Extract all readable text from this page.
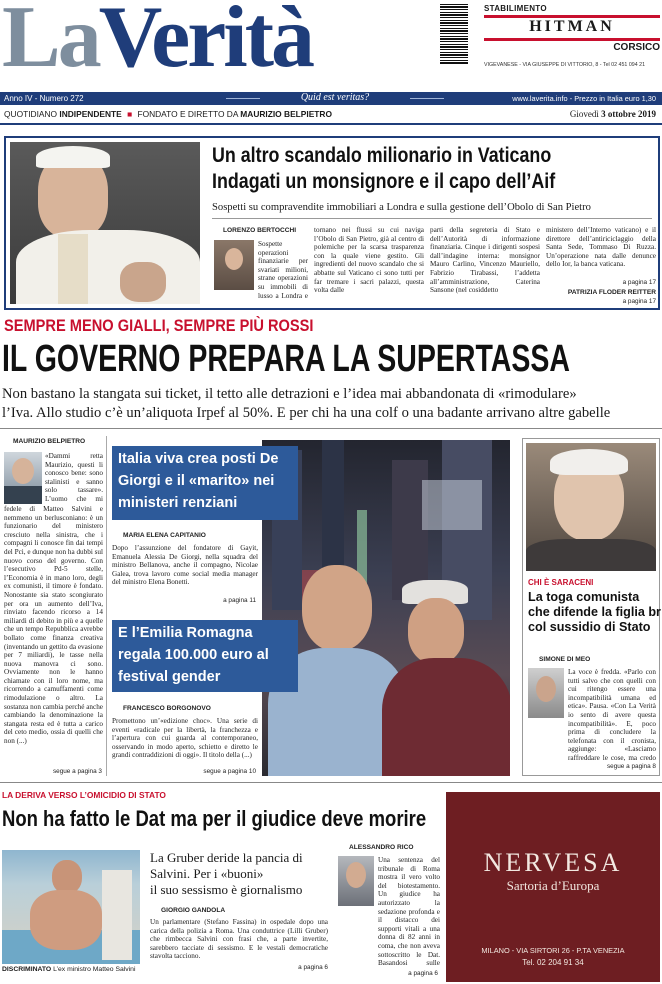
LaVerità	STABILIMENTO
HITMAN
CORSICO
VIGEVANESE - VIA GIUSEPPE DI VITTORIO, 8 - Tel 02 451 094 21
Anno IV - Numero 272	Quid est veritas?	www.laverita.info - Prezzo in Italia euro 1,30
QUOTIDIANO INDIPENDENTE ■ FONDATO E DIRETTO DA MAURIZIO BELPIETRO	Giovedì 3 ottobre 2019
Un altro scandalo milionario in Vaticano
Indagati un monsignore e il capo dell’Aif
Sospetti su compravendite immobiliari a Londra e sulla gestione dell’Obolo di San Pietro
LORENZO BERTOCCHI
Sospette operazioni finanziarie per svariati milioni, strane operazioni su immobili di lusso a Londra e
tornano nei flussi su cui naviga l’Obolo di San Pietro, già al centro di polemiche per la scarsa trasparenza con la quale viene gestito. Gli ingredienti del nuovo scandalo che si abbatte sul Vaticano ci sono tutti per far tremare i sacri palazzi, questa volta dalle
parti della segreteria di Stato e dell’Autorità di informazione finanziaria. Cinque i dirigenti sospesi dall’indagine interna: monsignor Mauro Carlino, Vincenzo Mauriello, Fabrizio Tirabassi, l’addetta all’amministrazione, Caterina Sansone (nel cosiddetto
ministero dell’Interno vaticano) e il direttore dell’antiriciclaggio della Santa Sede, Tommaso Di Ruzza. Un’operazione nata dalle denunce dello Ior, la banca vaticana.
a pagina 17
PATRIZIA FLODER REITTER
a pagina 17
SEMPRE MENO GIALLI, SEMPRE PIÙ ROSSI
IL GOVERNO PREPARA LA SUPERTASSA
Non bastano la stangata sui ticket, il tetto alle detrazioni e l’idea mai abbandonata di «rimodulare»
l’Iva. Allo studio c’è un’aliquota Irpef al 50%. E per chi ha una colf o una badante arrivano altre gabelle
MAURIZIO BELPIETRO
«Dammi retta Maurizio, questi li conosco bene: sono stalinisti e sanno solo tassare». L’uomo che mi
fedele di Matteo Salvini e nemmeno un berlusconiano: è un funzionario del ministero cresciuto nella sinistra, che i compagni li conosce fin dai tempi del Pci, e dunque non ha dubbi sul nuovo corso del governo. Con l’esecutivo Pd-5 stelle, l’Economia è in mano loro, degli ex comunisti, il timore è fondato. Nonostante sia stato scongiurato per ora un aumento dell’Iva, rinviato facendo ricorso a 14 miliardi di debito in più e a quelle che un tempo Repubblica avrebbe bollato come finanza creativa (inventando un gettito da evasione per 7 miliardi), le tasse nella nuova manovra ci sono. Ovviamente non le hanno chiamate con il loro nome, ma ricorrendo a camuffamenti come rimodulazione o altro. La sostanza non cambia perché anche cambiando la denominazione la stangata resta ed è tutta a carico del ceto medio, ossia di quelli che non (...)
segue a pagina 3
Italia viva crea posti De Giorgi e il «marito» nei ministeri renziani
MARIA ELENA CAPITANIO
Dopo l’assunzione del fondatore di Gayit, Emanuela Alessia De Giorgi, nella squadra del ministro Bellanova, anche il compagno, Nicolae Galea, trova lavoro come social media manager del ministro Elena Bonetti.
a pagina 11
E l’Emilia Romagna regala 100.000 euro al festival gender
FRANCESCO BORGONOVO
Promettono un’«edizione choc». Una serie di eventi «radicale per la libertà, la franchezza e l’apertura con cui guarda al contemporaneo, osservando in modo aperto, schietto e diretto le grandi contraddizioni di oggi». Il titolo della (...)
segue a pagina 10
CHI È SARACENI
La toga comunista che difende la figlia br col sussidio di Stato
SIMONE DI MEO
La voce è fredda. «Parlo con tutti salvo che con quelli con cui ritengo essere una incompatibilità umana ed etica». Pausa. «Con La Verità io sento di avere questa incompatibilità». E, poco prima di concludere la telefonata con il cronista, aggiunge: «Lasciamo raffreddare le cose, ma credo
segue a pagina 8
LA DERIVA VERSO L’OMICIDIO DI STATO
Non ha fatto le Dat ma per il giudice deve morire
DISCRIMINATO L’ex ministro Matteo Salvini
La Gruber deride la pancia di Salvini. Per i «buoni»
il suo sessismo è giornalismo
GIORGIO GANDOLA
Un parlamentare (Stefano Fassina) in ospedale dopo una carica della polizia a Roma. Una conduttrice (Lilli Gruber) che rimbecca Salvini con frasi che, a parte invertite, sarebbero tacciate di sessismo. E le vestali democratiche stavolta tacciono.
a pagina 6
ALESSANDRO RICO
Una sentenza del tribunale di Roma mostra il vero volto del biotestamento. Un giudice ha autorizzato la sedazione profonda e il distacco dei supporti vitali a una donna di 82 anni in coma, che non aveva sottoscritto le Dat. Basandosi sulle
a pagina 6
NERVESA
Sartoria d’Europa
MILANO - VIA SIRTORI 26 - P.TA VENEZIA
Tel. 02 204 91 34
